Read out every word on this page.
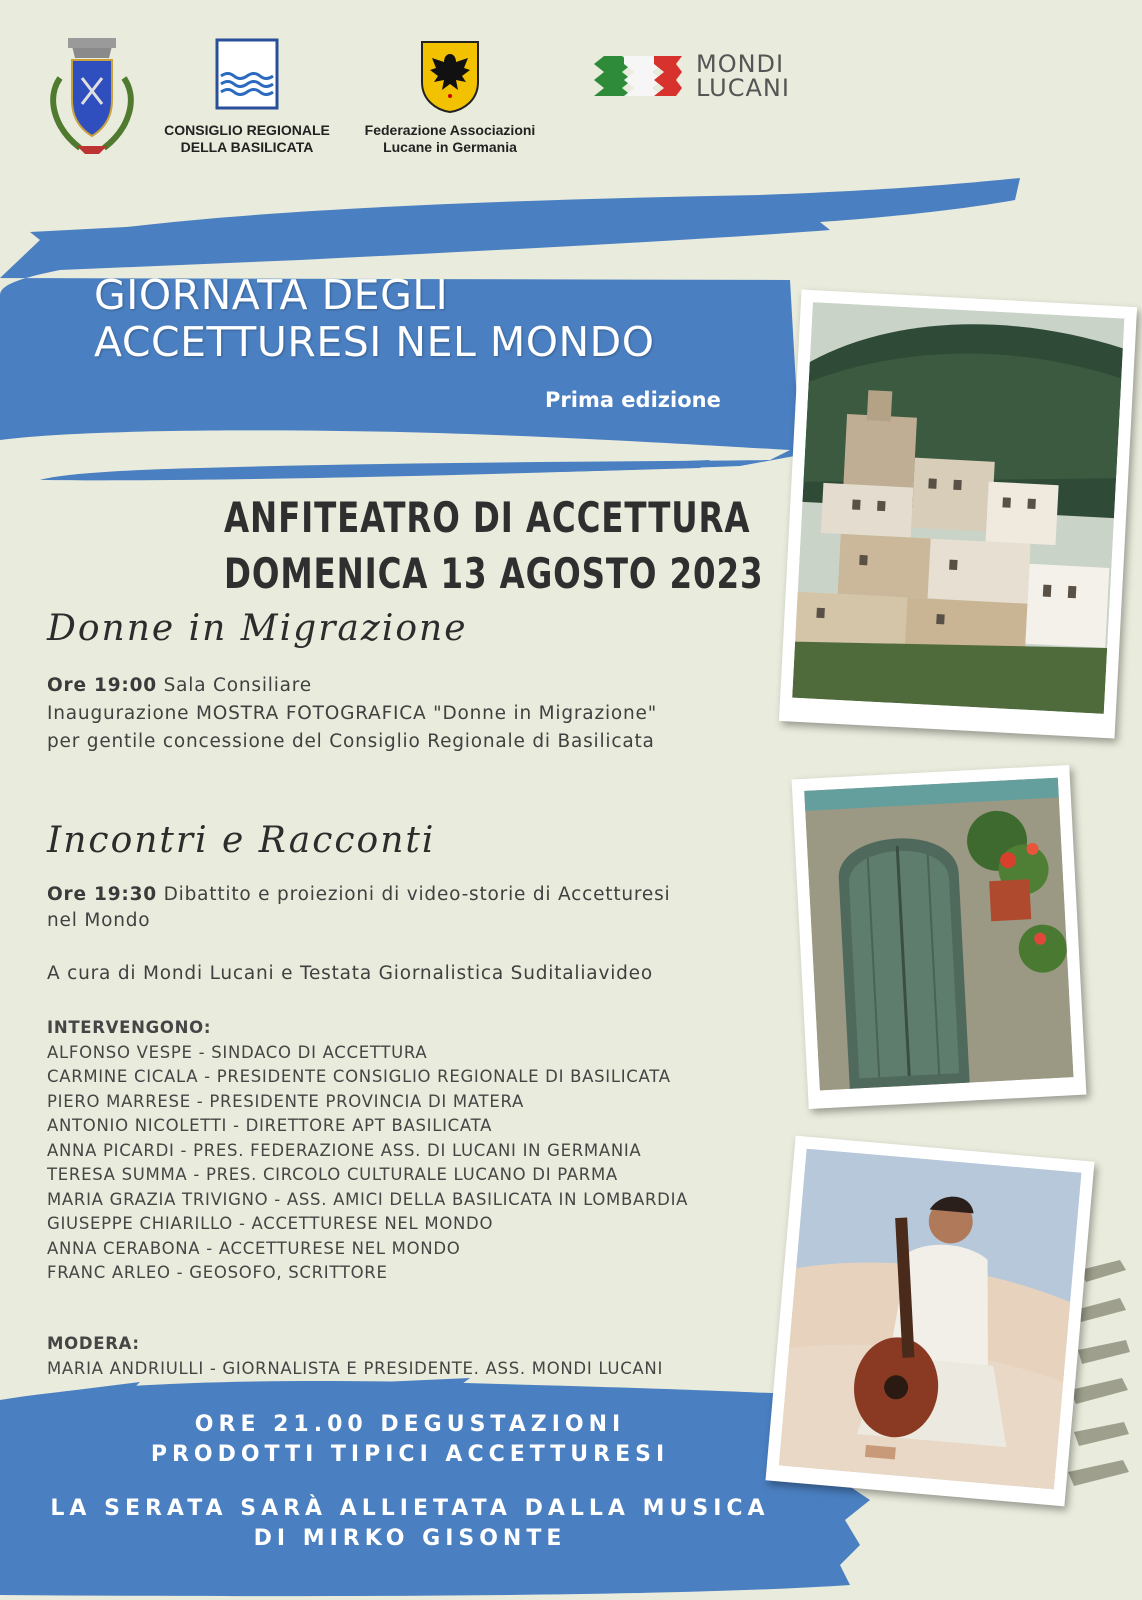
CONSIGLIO REGIONALE
DELLA BASILICATA
Federazione Associazioni
Lucane in Germania
MONDI
LUCANI
GIORNATA DEGLI
ACCETTURESI NEL MONDO
Prima edizione
ANFITEATRO DI ACCETTURA
DOMENICA 13 AGOSTO 2023
Donne in Migrazione
Ore 19:00 Sala Consiliare
Inaugurazione MOSTRA FOTOGRAFICA "Donne in Migrazione"
per gentile concessione del Consiglio Regionale di Basilicata
Incontri e Racconti
Ore 19:30 Dibattito e proiezioni di video-storie di Accetturesi
nel Mondo
A cura di Mondi Lucani e Testata Giornalistica Suditaliavideo
INTERVENGONO:
ALFONSO VESPE - SINDACO DI ACCETTURA
CARMINE CICALA - PRESIDENTE CONSIGLIO REGIONALE DI BASILICATA
PIERO MARRESE - PRESIDENTE PROVINCIA DI MATERA
ANTONIO NICOLETTI - DIRETTORE APT BASILICATA
ANNA PICARDI - PRES. FEDERAZIONE ASS. DI LUCANI IN GERMANIA
TERESA SUMMA - PRES. CIRCOLO CULTURALE LUCANO DI PARMA
MARIA GRAZIA TRIVIGNO - ASS. AMICI DELLA BASILICATA IN LOMBARDIA
GIUSEPPE CHIARILLO - ACCETTURESE NEL MONDO
ANNA CERABONA - ACCETTURESE NEL MONDO
FRANC ARLEO - GEOSOFO, SCRITTORE
MODERA:
MARIA ANDRIULLI - GIORNALISTA E PRESIDENTE. ASS. MONDI LUCANI
ORE 21.00 DEGUSTAZIONI
PRODOTTI TIPICI ACCETTURESI
LA SERATA SARÀ ALLIETATA DALLA MUSICA
DI MIRKO GISONTE
